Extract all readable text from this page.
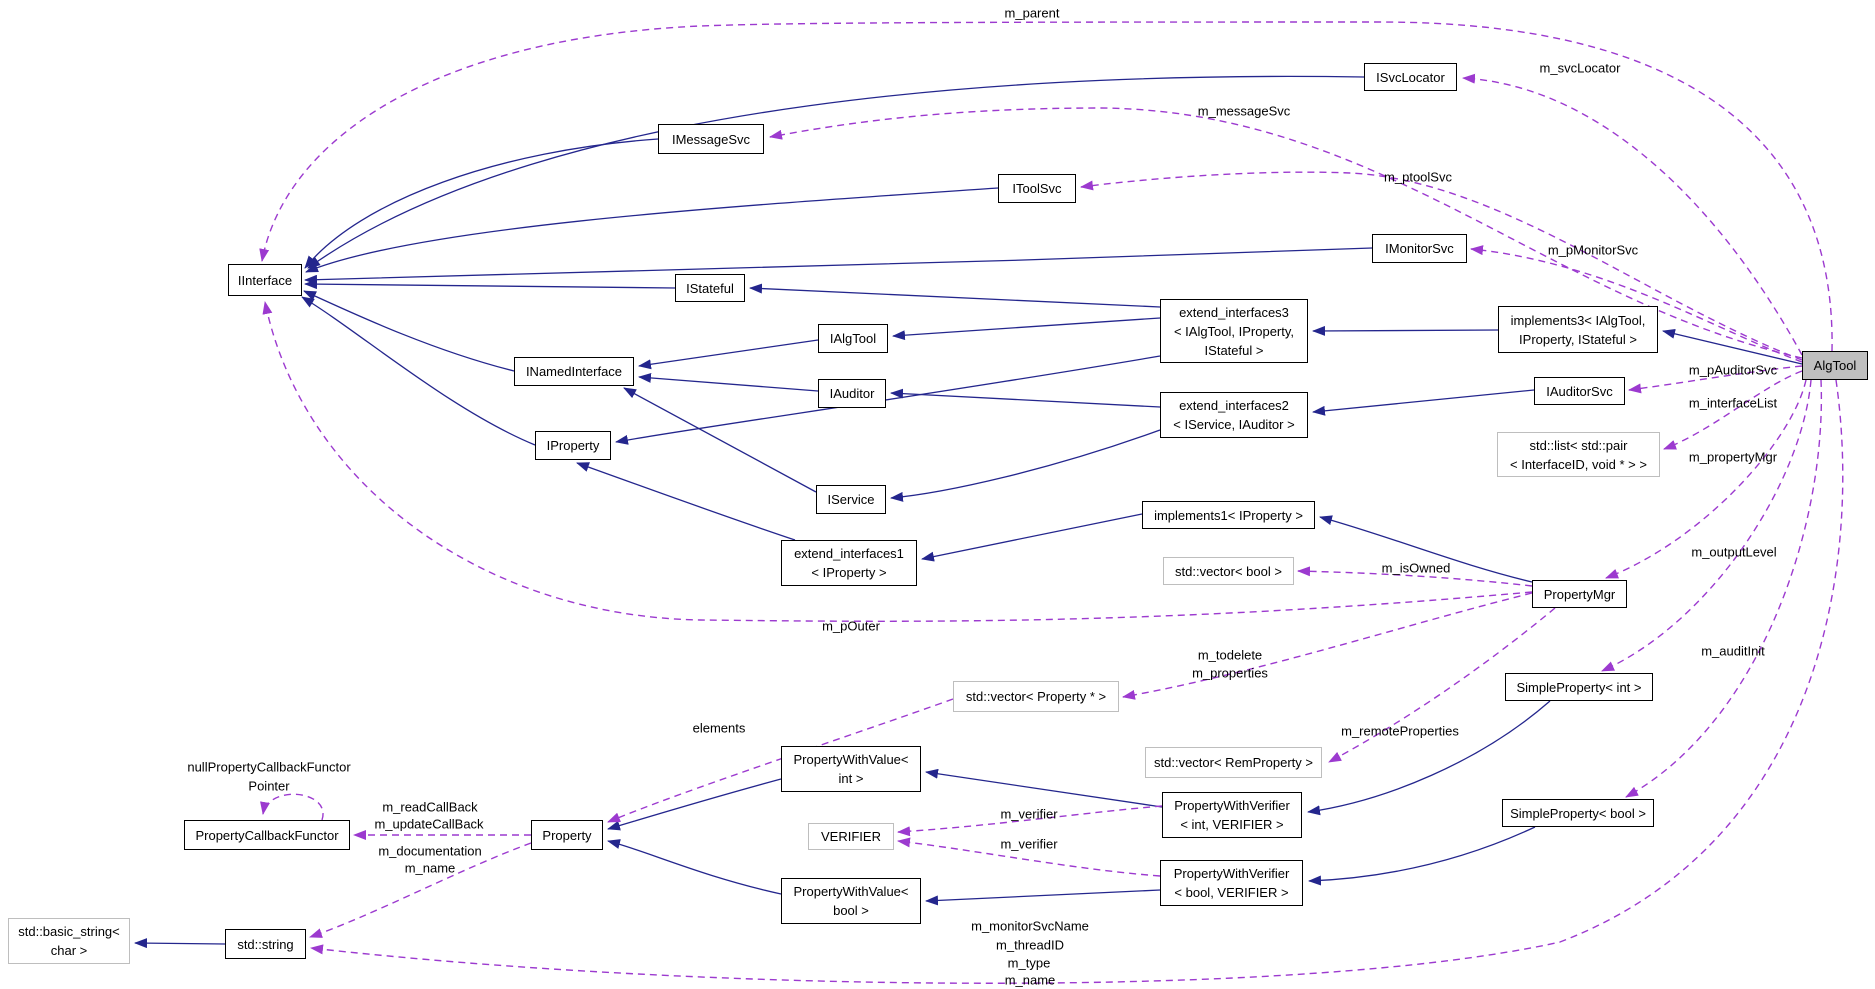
IInterface
ISvcLocator
IMessageSvc
IToolSvc
IMonitorSvc
IStateful
INamedInterface
IAlgTool
IAuditor
IProperty
IService
extend_interfaces3
< IAlgTool, IProperty,
IStateful >
extend_interfaces2
< IService, IAuditor >
implements3< IAlgTool,
IProperty, IStateful >
IAuditorSvc
std::list< std::pair
< InterfaceID, void * > >
AlgTool
extend_interfaces1
< IProperty >
implements1< IProperty >
std::vector< bool >
PropertyMgr
SimpleProperty< int >
SimpleProperty< bool >
std::vector< Property * >
std::vector< RemProperty >
PropertyWithVerifier
< int, VERIFIER >
PropertyWithVerifier
< bool, VERIFIER >
PropertyWithValue<
int >
VERIFIER
PropertyWithValue<
bool >
PropertyCallbackFunctor	Property
std::basic_string<
char >	std::string
m_parent
m_svcLocator
m_messageSvc
m_ptoolSvc
m_pMonitorSvc
m_pAuditorSvc
m_interfaceList
m_propertyMgr
m_outputLevel
m_auditInit
m_isOwned
m_pOuter
m_todelete
m_properties
m_remoteProperties
elements
nullPropertyCallbackFunctor
Pointer
m_readCallBack
m_updateCallBack
m_documentation
m_name
m_verifier
m_verifier
m_monitorSvcName
m_threadID
m_type
m_name
